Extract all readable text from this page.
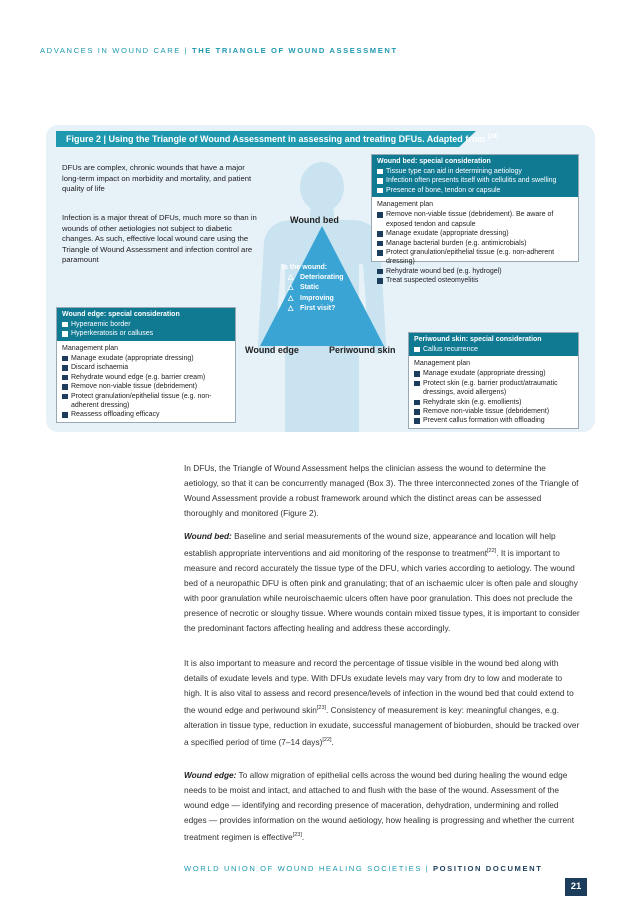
ADVANCES IN WOUND CARE | THE TRIANGLE OF WOUND ASSESSMENT
Figure 2 | Using the Triangle of Wound Assessment in assessing and treating DFUs. Adapted from [28]

DFUs are complex, chronic wounds that have a major long-term impact on morbidity and mortality, and patient quality of life

Infection is a major threat of DFUs, much more so than in wounds of other aetiologies not subject to diabetic changes. As such, effective local wound care using the Triangle of Wound Assessment and infection control are paramount

Wound bed
Wound edge	Periwound skin
Is the wound:
△ Deteriorating
△ Static
△ Improving
△ First visit?
Wound bed: special consideration
Tissue type can aid in determining aetiology
Infection often presents itself with cellulitis and swelling
Presence of bone, tendon or capsule
Management plan
Remove non-viable tissue (debridement). Be aware of exposed tendon and capsule
Manage exudate (appropriate dressing)
Manage bacterial burden (e.g. antimicrobials)
Protect granulation/epithelial tissue (e.g. non-adherent dressing)
Rehydrate wound bed (e.g. hydrogel)
Treat suspected osteomyelitis
Wound edge: special consideration
Hyperaemic border
Hyperkeratosis or calluses
Management plan
Manage exudate (appropriate dressing)
Discard ischaemia
Rehydrate wound edge (e.g. barrier cream)
Remove non-viable tissue (debridement)
Protect granulation/epithelial tissue (e.g. non-adherent dressing)
Reassess offloading efficacy
Periwound skin: special consideration
Callus recurrence
Management plan
Manage exudate (appropriate dressing)
Protect skin (e.g. barrier product/atraumatic dressings, avoid allergens)
Rehydrate skin (e.g. emollients)
Remove non-viable tissue (debridement)
Prevent callus formation with offloading

In DFUs, the Triangle of Wound Assessment helps the clinician assess the wound to determine the aetiology, so that it can be concurrently managed (Box 3). The three interconnected zones of the Triangle of Wound Assessment provide a robust framework around which the distinct areas can be assessed thoroughly and monitored (Figure 2).

Wound bed: Baseline and serial measurements of the wound size, appearance and location will help establish appropriate interventions and aid monitoring of the response to treatment[22]. It is important to measure and record accurately the tissue type of the DFU, which varies according to aetiology. The wound bed of a neuropathic DFU is often pink and granulating; that of an ischaemic ulcer is often pale and sloughy with poor granulation while neuroischaemic ulcers often have poor granulation. This does not preclude the presence of necrotic or sloughy tissue. Where wounds contain mixed tissue types, it is important to consider the predominant factors affecting healing and address these accordingly.

It is also important to measure and record the percentage of tissue visible in the wound bed along with details of exudate levels and type. With DFUs exudate levels may vary from dry to low and moderate to high. It is also vital to assess and record presence/levels of infection in the wound bed that could extend to the wound edge and periwound skin[23]. Consistency of measurement is key: meaningful changes, e.g. alteration in tissue type, reduction in exudate, successful management of bioburden, should be tracked over a specified period of time (7–14 days)[22].

Wound edge: To allow migration of epithelial cells across the wound bed during healing the wound edge needs to be moist and intact, and attached to and flush with the base of the wound. Assessment of the wound edge — identifying and recording presence of maceration, dehydration, undermining and rolled edges — provides information on the wound aetiology, how healing is progressing and whether the current treatment regimen is effective[23].

WORLD UNION OF WOUND HEALING SOCIETIES | POSITION DOCUMENT
21
